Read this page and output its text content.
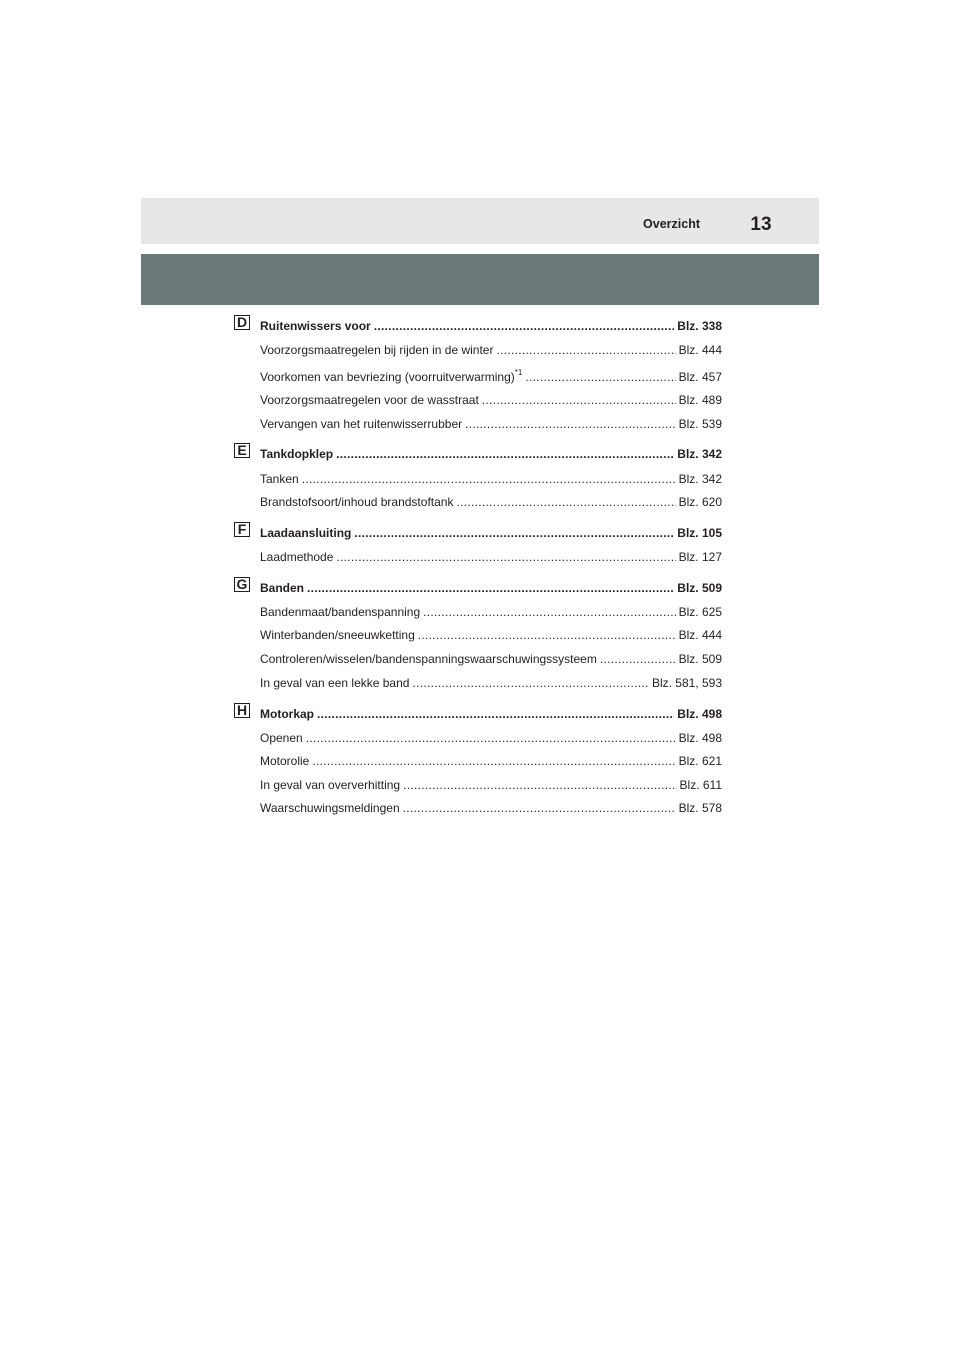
Overzicht	13
D Ruitenwissers voor .....	Blz. 338
Voorzorgsmaatregelen bij rijden in de winter .....	Blz. 444
Voorkomen van bevriezing (voorruitverwarming)$^{*1}$ .....	Blz. 457
Voorzorgsmaatregelen voor de wasstraat .....	Blz. 489
Vervangen van het ruitenwisserrubber .....	Blz. 539
E Tankdopklep .....	Blz. 342
Tanken .....	Blz. 342
Brandstofsoort/inhoud brandstoftank .....	Blz. 620
F	Laadaansluiting .....	Blz. 105
Laadmethode .....	Blz. 127
G Banden .....	Blz. 509
Bandenmaat/bandenspanning .....	Blz. 625
Winterbanden/sneeuwketting .....	Blz. 444
Controleren/wisselen/bandenspanningswaarschuwingssysteem .....	Blz. 509
In geval van een lekke band .....	Blz. 581, 593
H Motorkap .....	Blz. 498
Openen .....	Blz. 498
Motorolie .....	Blz. 621
In geval van oververhitting .....	Blz. 611
Waarschuwingsmeldingen .....	Blz. 578
